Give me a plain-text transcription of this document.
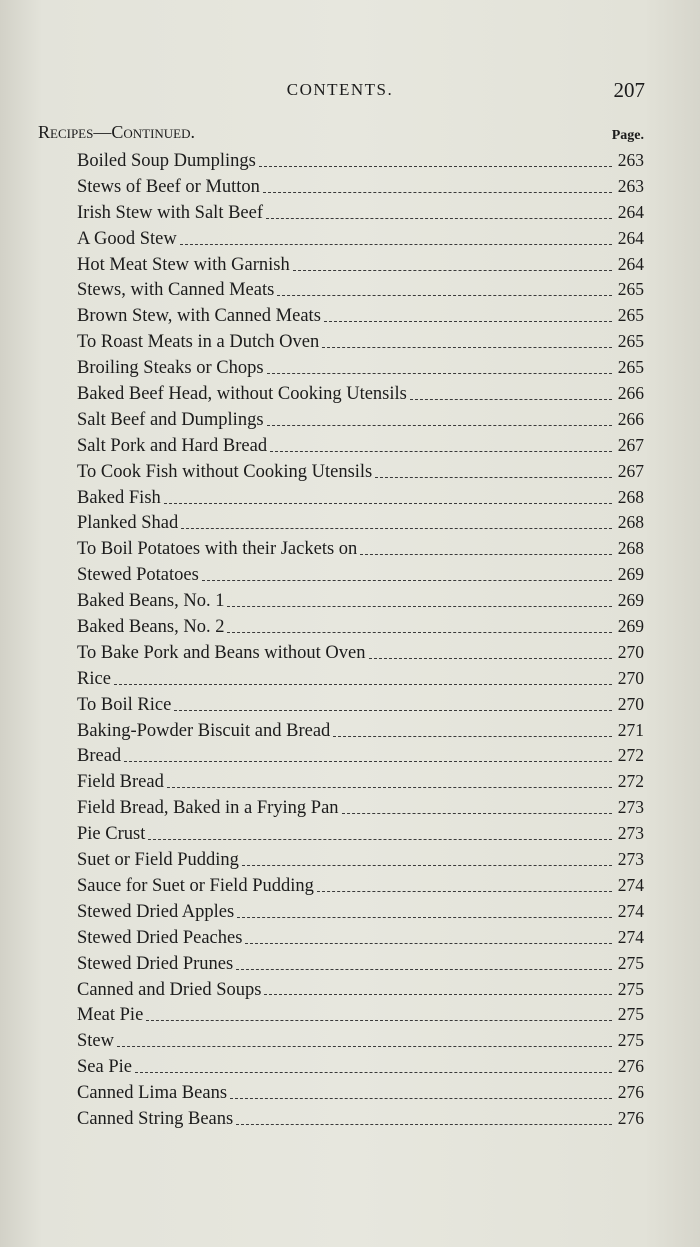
CONTENTS.	207
Recipes—Continued.	Page.
Boiled Soup Dumplings	263
Stews of Beef or Mutton	263
Irish Stew with Salt Beef	264
A Good Stew	264
Hot Meat Stew with Garnish	264
Stews, with Canned Meats	265
Brown Stew, with Canned Meats	265
To Roast Meats in a Dutch Oven	265
Broiling Steaks or Chops	265
Baked Beef Head, without Cooking Utensils	266
Salt Beef and Dumplings	266
Salt Pork and Hard Bread	267
To Cook Fish without Cooking Utensils	267
Baked Fish	268
Planked Shad	268
To Boil Potatoes with their Jackets on	268
Stewed Potatoes	269
Baked Beans, No. 1	269
Baked Beans, No. 2	269
To Bake Pork and Beans without Oven	270
Rice	270
To Boil Rice	270
Baking-Powder Biscuit and Bread	271
Bread	272
Field Bread	272
Field Bread, Baked in a Frying Pan	273
Pie Crust	273
Suet or Field Pudding	273
Sauce for Suet or Field Pudding	274
Stewed Dried Apples	274
Stewed Dried Peaches	274
Stewed Dried Prunes	275
Canned and Dried Soups	275
Meat Pie	275
Stew	275
Sea Pie	276
Canned Lima Beans	276
Canned String Beans	276
